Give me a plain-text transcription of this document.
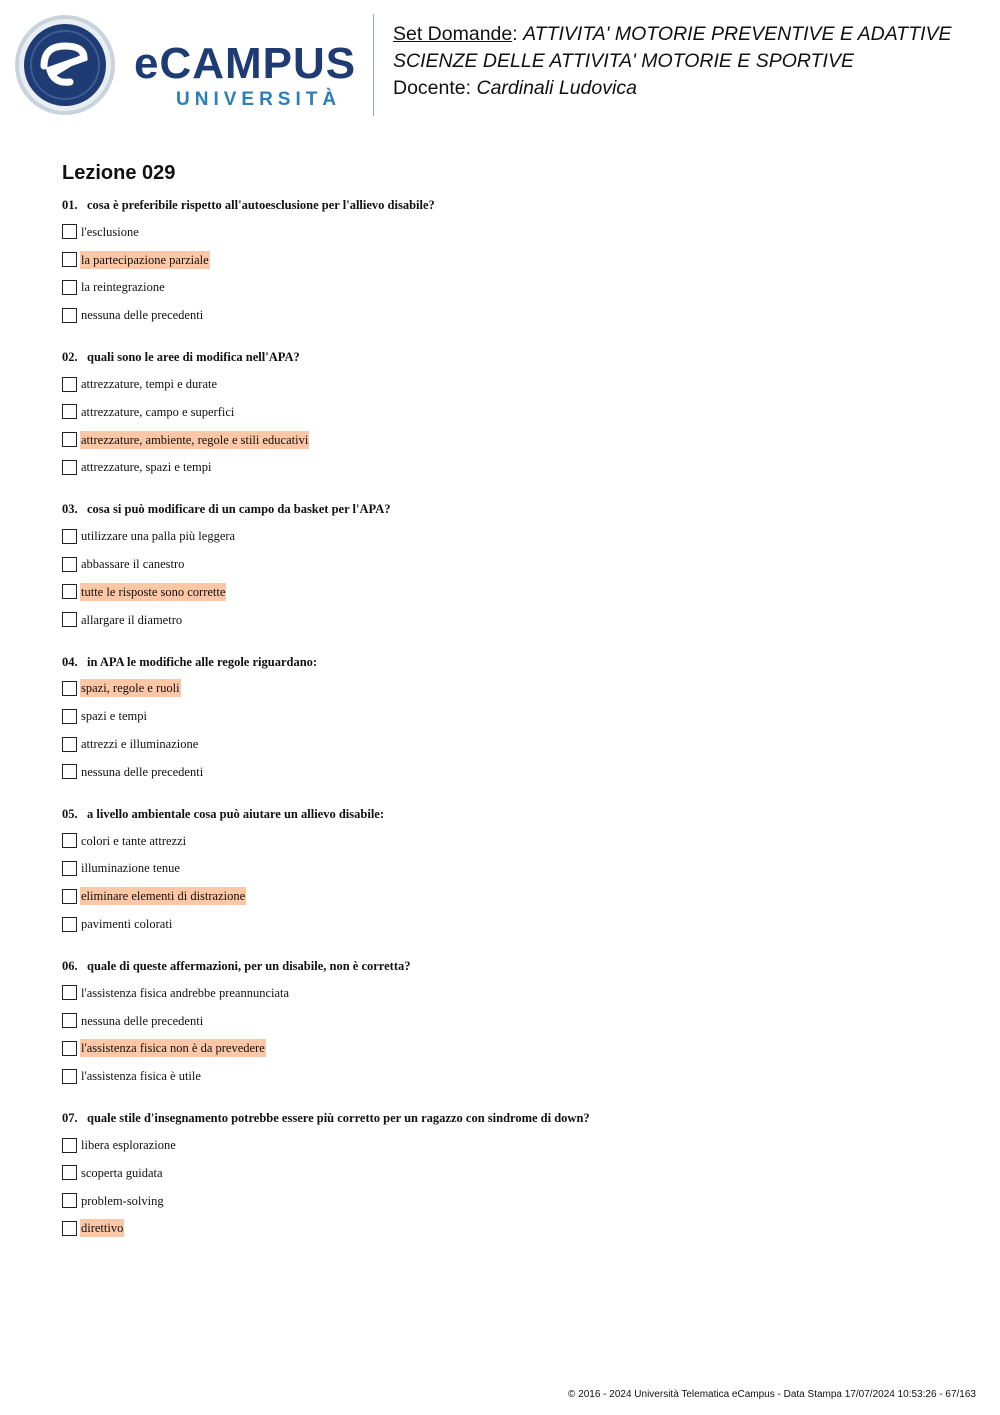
eCAMPUS
UNIVERSITÀ
Set Domande: ATTIVITA' MOTORIE PREVENTIVE E ADATTIVE
SCIENZE DELLE ATTIVITA' MOTORIE E SPORTIVE
Docente: Cardinali Ludovica
Lezione 029
01. cosa è preferibile rispetto all'autoesclusione per l'allievo disabile?
l'esclusione
la partecipazione parziale
la reintegrazione
nessuna delle precedenti
02. quali sono le aree di modifica nell'APA?
attrezzature, tempi e durate
attrezzature, campo e superfici
attrezzature, ambiente, regole e stili educativi
attrezzature, spazi e tempi
03. cosa si può modificare di un campo da basket per l'APA?
utilizzare una palla più leggera
abbassare il canestro
tutte le risposte sono corrette
allargare il diametro
04. in APA le modifiche alle regole riguardano:
spazi, regole e ruoli
spazi e tempi
attrezzi e illuminazione
nessuna delle precedenti
05. a livello ambientale cosa può aiutare un allievo disabile:
colori e tante attrezzi
illuminazione tenue
eliminare elementi di distrazione
pavimenti colorati
06. quale di queste affermazioni, per un disabile, non è corretta?
l'assistenza fisica andrebbe preannunciata
nessuna delle precedenti
l'assistenza fisica non è da prevedere
l'assistenza fisica è utile
07. quale stile d'insegnamento potrebbe essere più corretto per un ragazzo con sindrome di down?
libera esplorazione
scoperta guidata
problem-solving
direttivo
© 2016 - 2024 Università Telematica eCampus - Data Stampa 17/07/2024 10:53:26 - 67/163
